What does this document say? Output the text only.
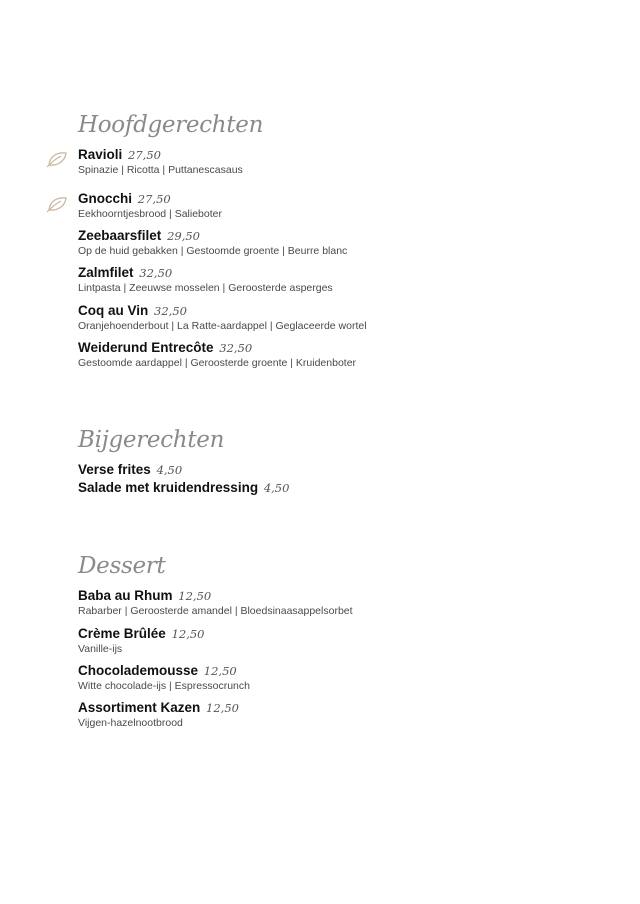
Hoofdgerechten
Ravioli 27,50
Spinazie | Ricotta | Puttanescasaus
Gnocchi 27,50
Eekhoorntjesbrood | Salieboter
Zeebaarsfilet 29,50
Op de huid gebakken | Gestoomde groente | Beurre blanc
Zalmfilet 32,50
Lintpasta | Zeeuwse mosselen | Geroosterde asperges
Coq au Vin 32,50
Oranjehoenderbout | La Ratte-aardappel | Geglaceerde wortel
Weiderund Entrecôte 32,50
Gestoomde aardappel | Geroosterde groente | Kruidenboter
Bijgerechten
Verse frites 4,50
Salade met kruidendressing 4,50
Dessert
Baba au Rhum 12,50
Rabarber | Geroosterde amandel | Bloedsinaasappelsorbet
Crème Brûlée 12,50
Vanille-ijs
Chocolademousse 12,50
Witte chocolade-ijs | Espressocrunch
Assortiment Kazen 12,50
Vijgen-hazelnootbrood
